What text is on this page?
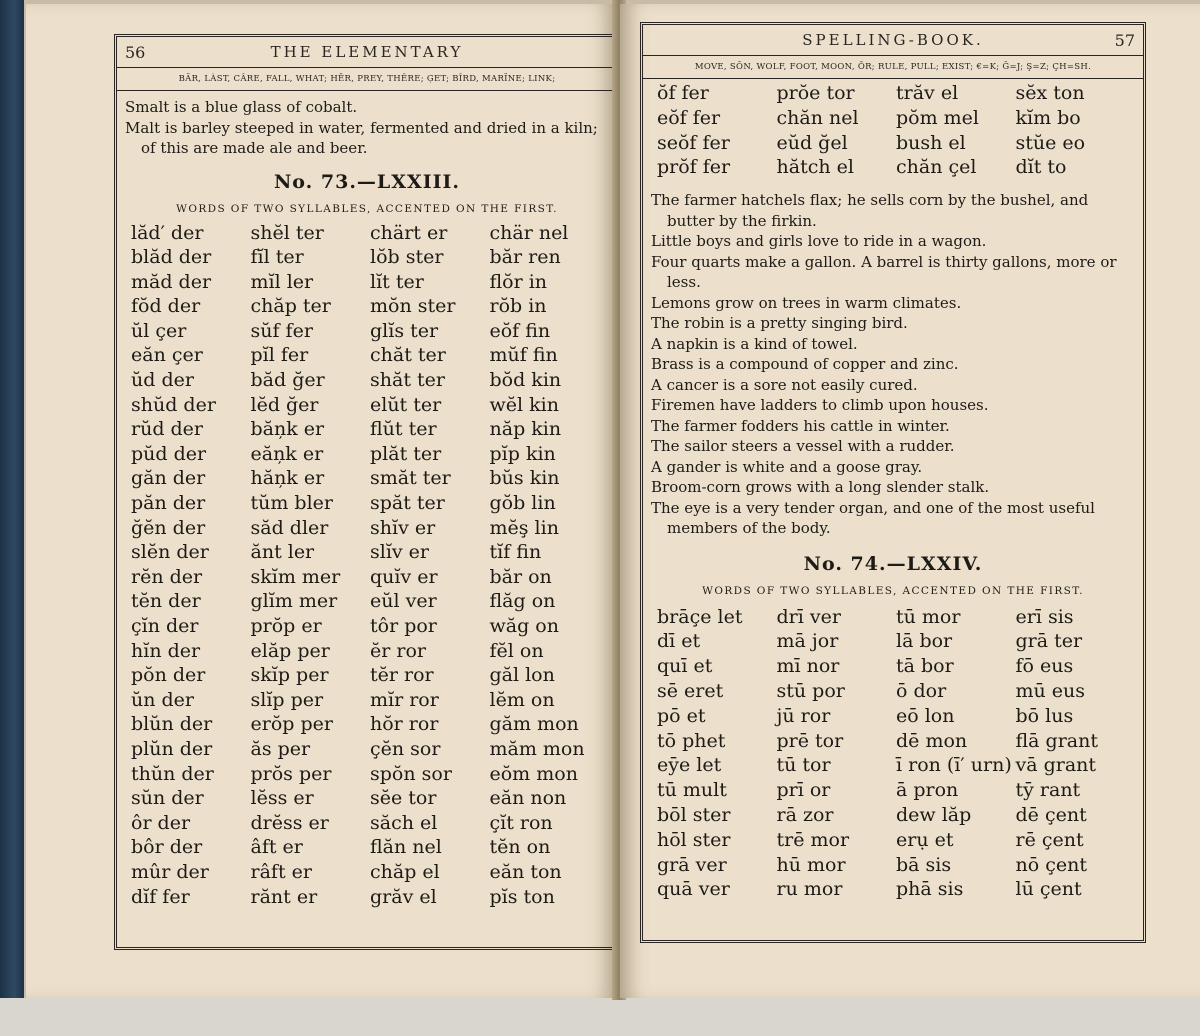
56	THE ELEMENTARY
BÄR, LÀST, CÂRE, FALL, WHAT; HĒR, PREY, THÊRE; ĢET; BÎRD, MARÏNE; LINK;

Smalt is a blue glass of cobalt.

Malt is barley steeped in water, fermented and dried in a kiln; of this are made ale and beer.

No. 73.—LXXIII.
WORDS OF TWO SYLLABLES, ACCENTED ON THE FIRST.
lăd′ der	shĕl ter	chärt er	chär nel
blăd der	fĭl ter	lŏb ster	băr ren
măd der	mĭl ler	lĭt ter	flŏr in
fŏd der	chăp ter	mŏn ster	rŏb in
ŭl çer	sŭf fer	glĭs ter	eŏf fin
eăn çer	pĭl fer	chăt ter	mŭf fin
ŭd der	băd ğer	shăt ter	bŏd kin
shŭd der	lĕd ğer	elŭt ter	wĕl kin
rŭd der	băņk er	flŭt ter	năp kin
pŭd der	eăņk er	plăt ter	pĭp kin
găn der	hăņk er	smăt ter	bŭs kin
păn der	tŭm bler	spăt ter	gŏb lin
ğĕn der	săd dler	shĭv er	mĕş lin
slĕn der	ănt ler	slĭv er	tĭf fin
rĕn der	skĭm mer	quĭv er	băr on
tĕn der	glĭm mer	eŭl ver	flăg on
çĭn der	prŏp er	tôr por	wăg on
hĭn der	elăp per	ĕr ror	fĕl on
pŏn der	skĭp per	tĕr ror	găl lon
ŭn der	slĭp per	mĭr ror	lĕm on
blŭn der	erŏp per	hŏr ror	găm mon
plŭn der	ăs per	çĕn sor	măm mon
thŭn der	prŏs per	spŏn sor	eŏm mon
sŭn der	lĕss er	sĕe tor	eăn non
ôr der	drĕss er	săch el	çĭt ron
bôr der	âft er	flăn nel	tĕn on
mûr der	râft er	chăp el	eăn ton
dĭf fer	rănt er	grăv el	pĭs ton
SPELLING-BOOK.	57
MOVE, SŎN, WOLF, FOOT, MOON, ŌR; RULE, PULL; EXIST; €=K; Ğ=J; Ş=Z; ÇH=SH.
ŏf fer	prŏe tor	trăv el	sĕx ton
eŏf fer	chăn nel	pŏm mel	kĭm bo
seŏf fer	eŭd ğel	bush el	stŭe eo
prŏf fer	hătch el	chăn çel	dĭt to

The farmer hatchels flax; he sells corn by the bushel, and butter by the firkin.

Little boys and girls love to ride in a wagon.

Four quarts make a gallon. A barrel is thirty gallons, more or less.

Lemons grow on trees in warm climates.

The robin is a pretty singing bird.

A napkin is a kind of towel.

Brass is a compound of copper and zinc.

A cancer is a sore not easily cured.

Firemen have ladders to climb upon houses.

The farmer fodders his cattle in winter.

The sailor steers a vessel with a rudder.

A gander is white and a goose gray.

Broom-corn grows with a long slender stalk.

The eye is a very tender organ, and one of the most useful members of the body.

No. 74.—LXXIV.
WORDS OF TWO SYLLABLES, ACCENTED ON THE FIRST.
brāçe let	drī ver	tū mor	erī sis
dī et	mā jor	lā bor	grā ter
quī et	mī nor	tā bor	fō eus
sē eret	stū por	ō dor	mū eus
pō et	jū ror	eō lon	bō lus
tō phet	prē tor	dē mon	flā grant
eȳe let	tū tor	ī ron (ī′ urn) vā grant
tū mult	prī or	ā pron	tȳ rant
bōl ster	rā zor	dew lăp	dē çent
hōl ster	trē mor	erụ et	rē çent
grā ver	hū mor	bā sis	nō çent
quā ver	ru mor	phā sis	lū çent
